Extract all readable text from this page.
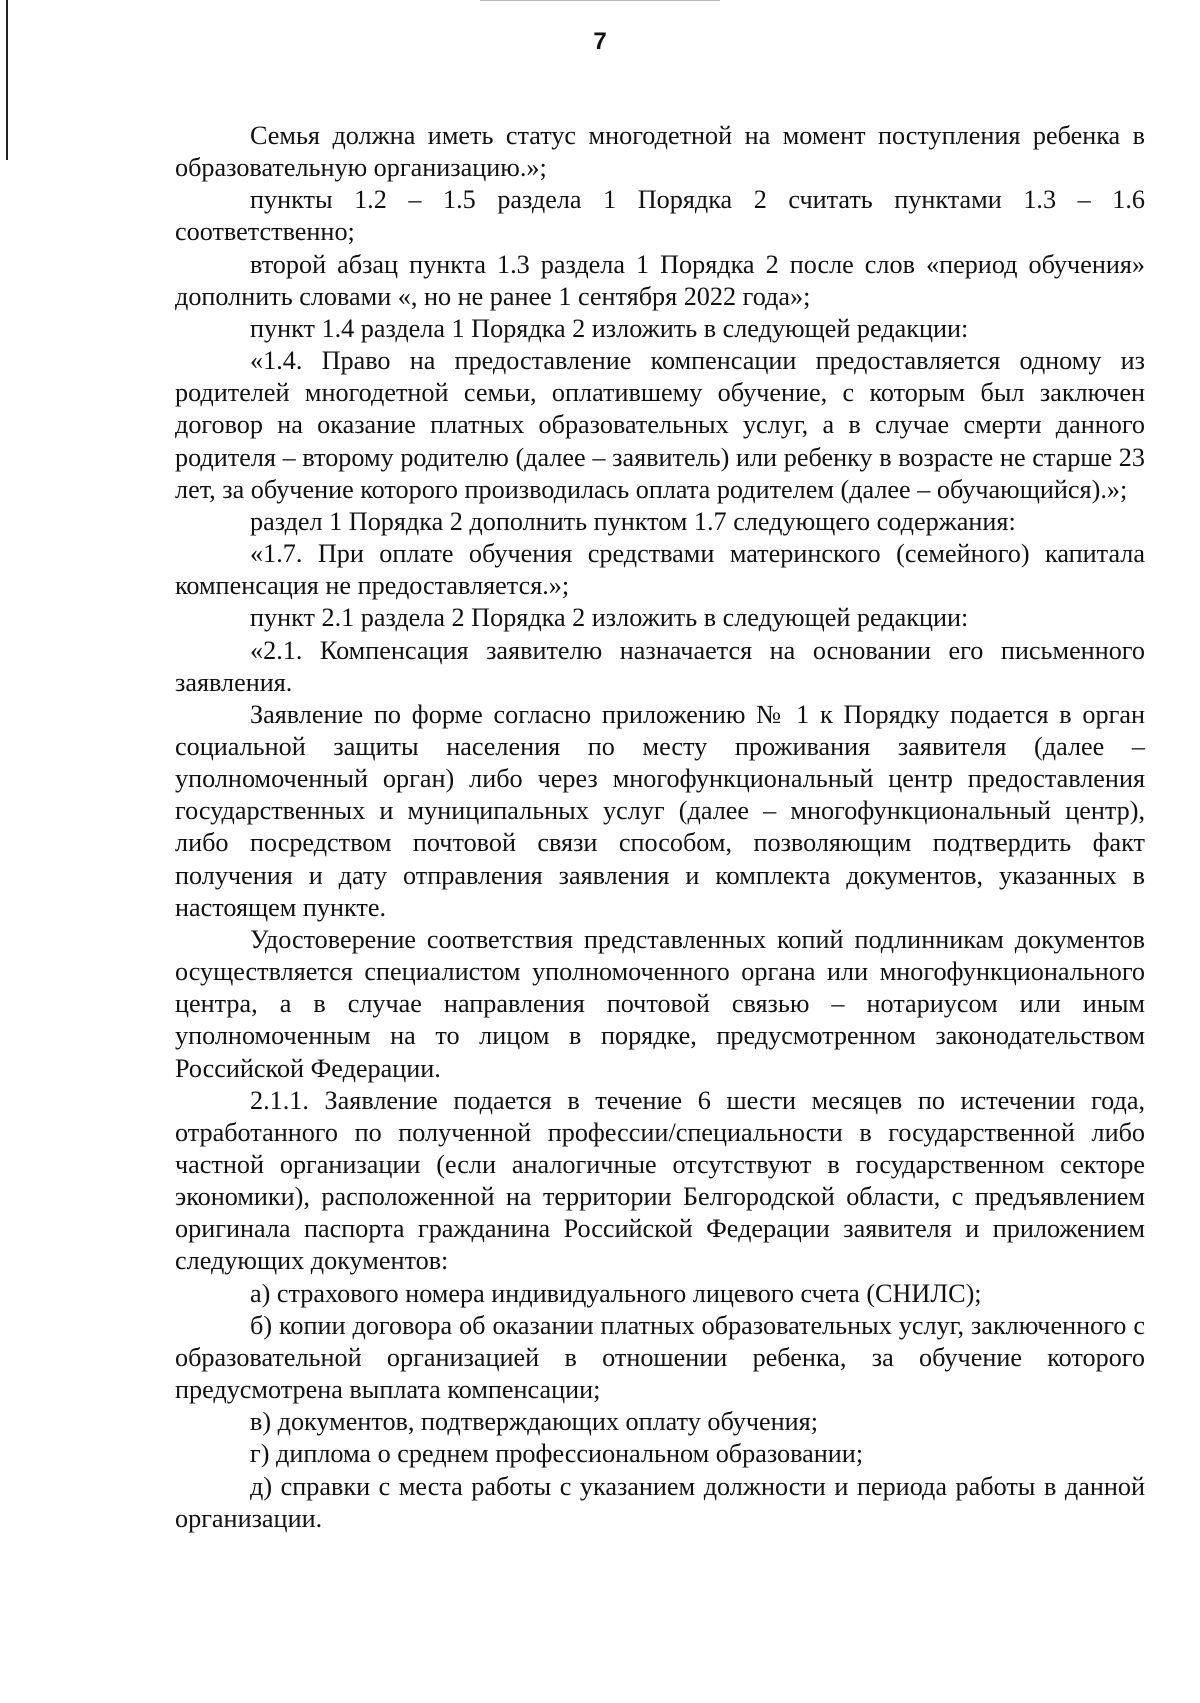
7

Семья должна иметь статус многодетной на момент поступления ребенка в образовательную организацию.»;

пункты 1.2 – 1.5 раздела 1 Порядка 2 считать пунктами 1.3 – 1.6 соответственно;

второй абзац пункта 1.3 раздела 1 Порядка 2 после слов «период обучения» дополнить словами «, но не ранее 1 сентября 2022 года»;

пункт 1.4 раздела 1 Порядка 2 изложить в следующей редакции:

«1.4. Право на предоставление компенсации предоставляется одному из родителей многодетной семьи, оплатившему обучение, с которым был заключен договор на оказание платных образовательных услуг, а в случае смерти данного родителя – второму родителю (далее – заявитель) или ребенку в возрасте не старше 23 лет, за обучение которого производилась оплата родителем (далее – обучающийся).»;

раздел 1 Порядка 2 дополнить пунктом 1.7 следующего содержания:

«1.7. При оплате обучения средствами материнского (семейного) капитала компенсация не предоставляется.»;

пункт 2.1 раздела 2 Порядка 2 изложить в следующей редакции:

«2.1. Компенсация заявителю назначается на основании его письменного заявления.

Заявление по форме согласно приложению № 1 к Порядку подается в орган социальной защиты населения по месту проживания заявителя (далее – уполномоченный орган) либо через многофункциональный центр предоставления государственных и муниципальных услуг (далее – многофункциональный центр), либо посредством почтовой связи способом, позволяющим подтвердить факт получения и дату отправления заявления и комплекта документов, указанных в настоящем пункте.

Удостоверение соответствия представленных копий подлинникам документов осуществляется специалистом уполномоченного органа или многофункционального центра, а в случае направления почтовой связью – нотариусом или иным уполномоченным на то лицом в порядке, предусмотренном законодательством Российской Федерации.

2.1.1. Заявление подается в течение 6 шести месяцев по истечении года, отработанного по полученной профессии/специальности в государственной либо частной организации (если аналогичные отсутствуют в государственном секторе экономики), расположенной на территории Белгородской области, с предъявлением оригинала паспорта гражданина Российской Федерации заявителя и приложением следующих документов:

а) страхового номера индивидуального лицевого счета (СНИЛС);

б) копии договора об оказании платных образовательных услуг, заключенного с образовательной организацией в отношении ребенка, за обучение которого предусмотрена выплата компенсации;

в) документов, подтверждающих оплату обучения;

г) диплома о среднем профессиональном образовании;

д) справки с места работы с указанием должности и периода работы в данной организации.
